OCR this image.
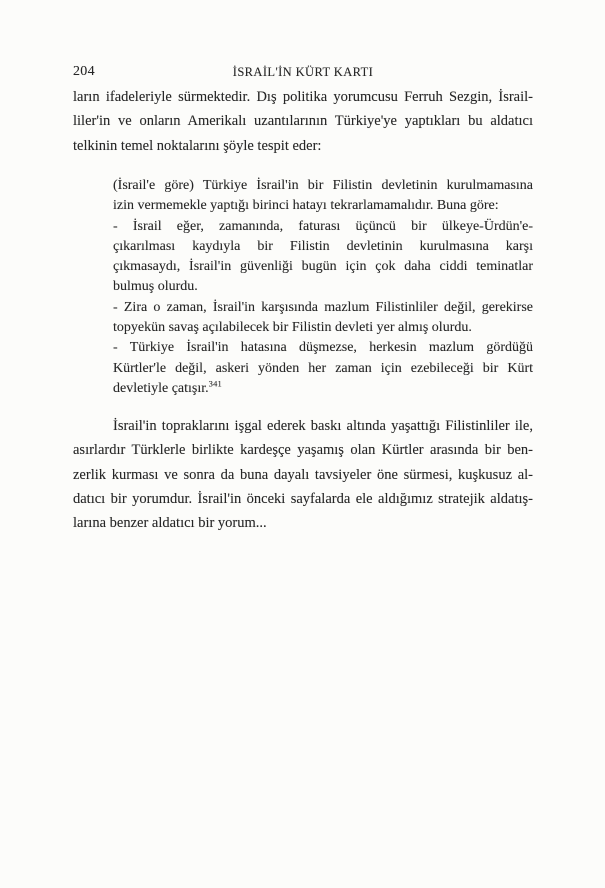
204	İSRAİL'İN KÜRT KARTI
ların ifadeleriyle sürmektedir. Dış politika yorumcusu Ferruh Sezgin, İsrail-
liler'in ve onların Amerikalı uzantılarının Türkiye'ye yaptıkları bu aldatıcı
telkinin temel noktalarını şöyle tespit eder:
(İsrail'e göre) Türkiye İsrail'in bir Filistin devletinin kurulmamasına
izin vermemekle yaptığı birinci hatayı tekrarlamamalıdır. Buna göre:
- İsrail eğer, zamanında, faturası üçüncü bir ülkeye-Ürdün'e-
çıkarılması kaydıyla bir Filistin devletinin kurulmasına karşı
çıkmasaydı, İsrail'in güvenliği bugün için çok daha ciddi teminatlar
bulmuş olurdu.
- Zira o zaman, İsrail'in karşısında mazlum Filistinliler değil, gerekirse
topyekün savaş açılabilecek bir Filistin devleti yer almış olurdu.
- Türkiye İsrail'in hatasına düşmezse, herkesin mazlum gördüğü
Kürtler'le değil, askeri yönden her zaman için ezebileceği bir Kürt
devletiyle çatışır.$^{341}$
İsrail'in topraklarını işgal ederek baskı altında yaşattığı Filistinliler ile,
asırlardır Türklerle birlikte kardeşçe yaşamış olan Kürtler arasında bir ben-
zerlik kurması ve sonra da buna dayalı tavsiyeler öne sürmesi, kuşkusuz al-
datıcı bir yorumdur. İsrail'in önceki sayfalarda ele aldığımız stratejik aldatış-
larına benzer aldatıcı bir yorum...
